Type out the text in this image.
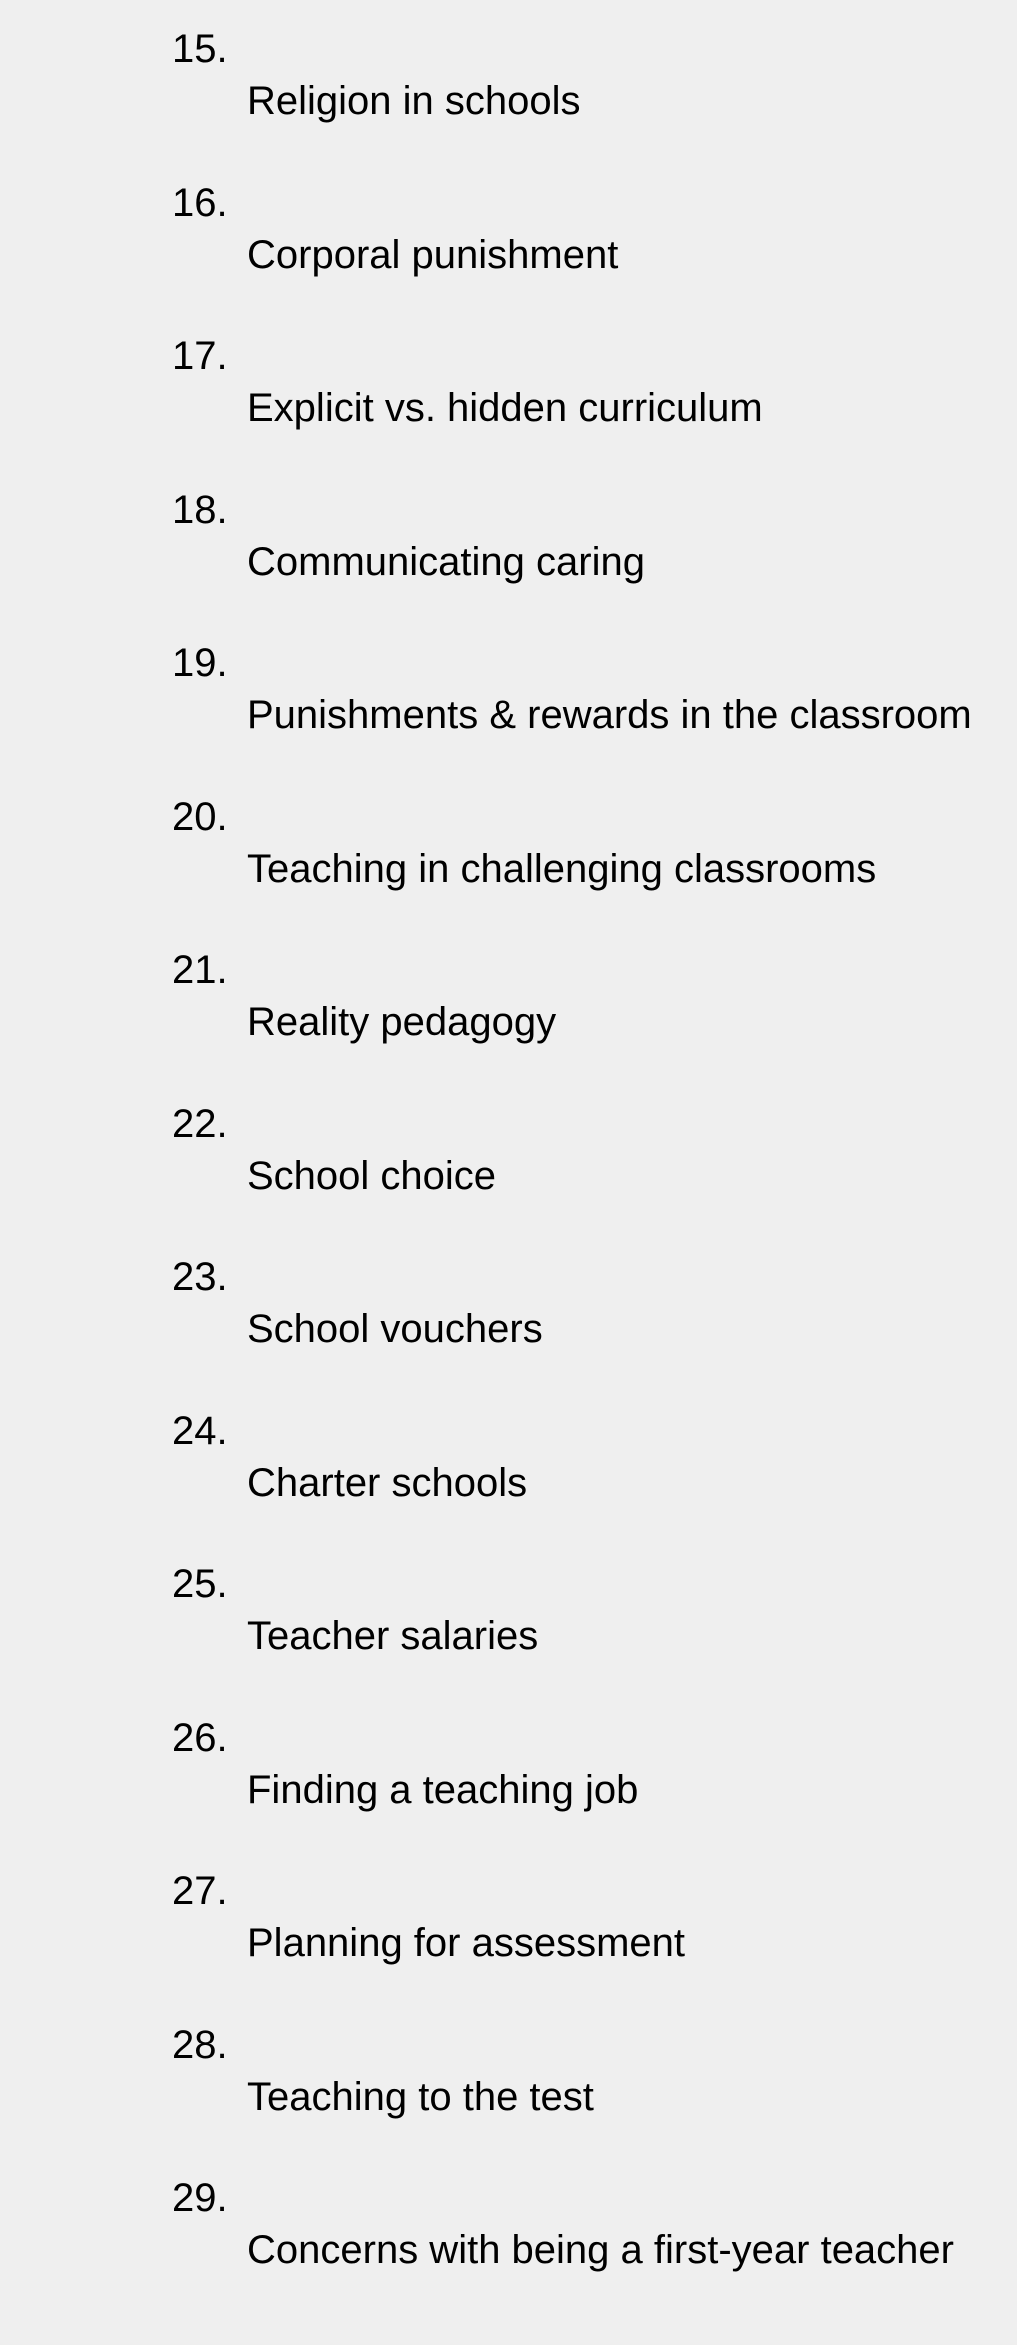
15.
Religion in schools
16.
Corporal punishment
17.
Explicit vs. hidden curriculum
18.
Communicating caring
19.
Punishments & rewards in the classroom
20.
Teaching in challenging classrooms
21.
Reality pedagogy
22.
School choice
23.
School vouchers
24.
Charter schools
25.
Teacher salaries
26.
Finding a teaching job
27.
Planning for assessment
28.
Teaching to the test
29.
Concerns with being a first-year teacher
